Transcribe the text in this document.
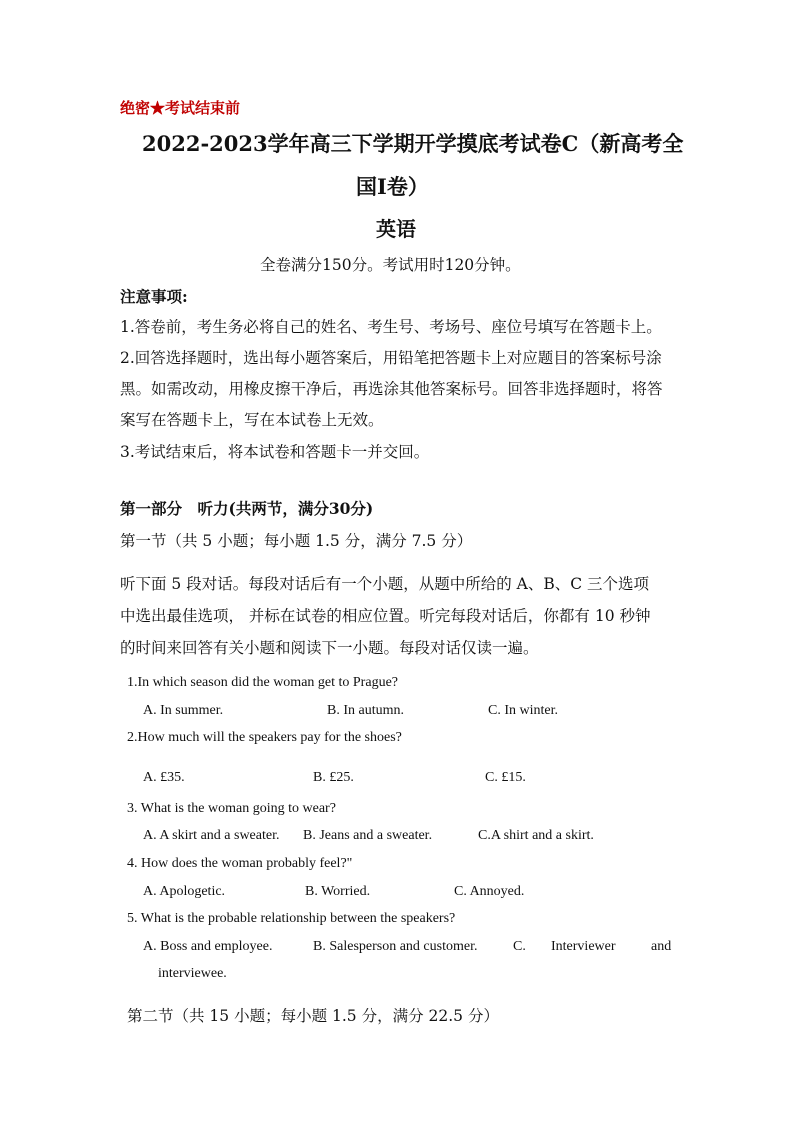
绝密★考试结束前
2022-2023学年高三下学期开学摸底考试卷C（新高考全
国I卷）
英语
全卷满分150分。考试用时120分钟。
注意事项:
1.答卷前，考生务必将自己的姓名、考生号、考场号、座位号填写在答题卡上。
2.回答选择题时，选出每小题答案后，用铅笔把答题卡上对应题目的答案标号涂
黑。如需改动，用橡皮擦干净后，再选涂其他答案标号。回答非选择题时，将答
案写在答题卡上，写在本试卷上无效。
3.考试结束后，将本试卷和答题卡一并交回。
第一部分　听力(共两节，满分30分)
第一节（共 5 小题；每小题 1.5 分，满分 7.5 分）
听下面 5 段对话。每段对话后有一个小题，从题中所给的 A、B、C 三个选项
中选出最佳选项， 并标在试卷的相应位置。听完每段对话后，你都有 10 秒钟
的时间来回答有关小题和阅读下一小题。每段对话仅读一遍。
1.In which season did the woman get to Prague?
A. In summer.	B. In autumn.	C. In winter.
2.How much will the speakers pay for the shoes?
A. £35.	B. £25.	C. £15.
3. What is the woman going to wear?
A. A skirt and a sweater. B. Jeans and a sweater.	C.A shirt and a skirt.
4. How does the woman probably feel?"
A. Apologetic.	B. Worried.	C. Annoyed.
5. What is the probable relationship between the speakers?
A. Boss and employee.	B. Salesperson and customer.	C. Interviewer	and
interviewee.
第二节（共 15 小题；每小题 1.5 分，满分 22.5 分）
